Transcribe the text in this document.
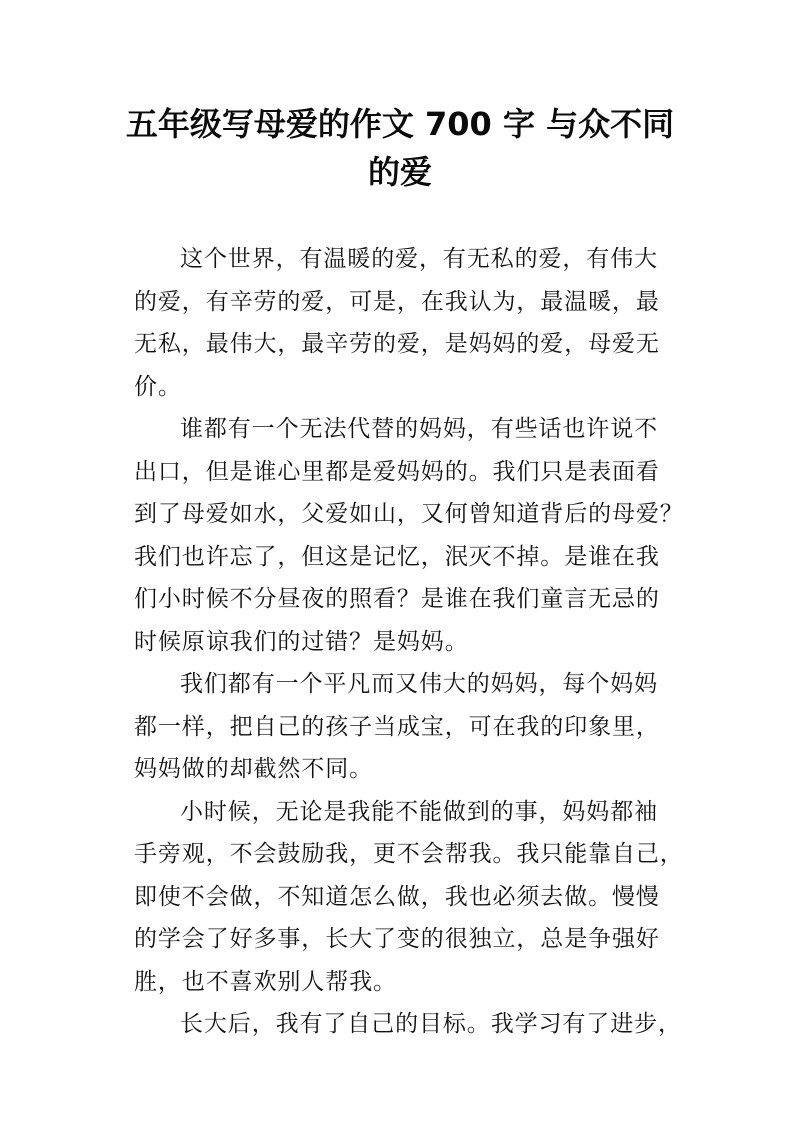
五年级写母爱的作文 700 字 与众不同
的爱

这个世界，有温暖的爱，有无私的爱，有伟大
的爱，有辛劳的爱，可是，在我认为，最温暖，最
无私，最伟大，最辛劳的爱，是妈妈的爱，母爱无
价。

谁都有一个无法代替的妈妈，有些话也许说不
出口，但是谁心里都是爱妈妈的。我们只是表面看
到了母爱如水，父爱如山，又何曾知道背后的母爱？
我们也许忘了，但这是记忆，泯灭不掉。是谁在我
们小时候不分昼夜的照看？是谁在我们童言无忌的
时候原谅我们的过错？是妈妈。

我们都有一个平凡而又伟大的妈妈，每个妈妈
都一样，把自己的孩子当成宝，可在我的印象里，
妈妈做的却截然不同。

小时候，无论是我能不能做到的事，妈妈都袖
手旁观，不会鼓励我，更不会帮我。我只能靠自己，
即使不会做，不知道怎么做，我也必须去做。慢慢
的学会了好多事，长大了变的很独立，总是争强好
胜，也不喜欢别人帮我。

长大后，我有了自己的目标。我学习有了进步，
